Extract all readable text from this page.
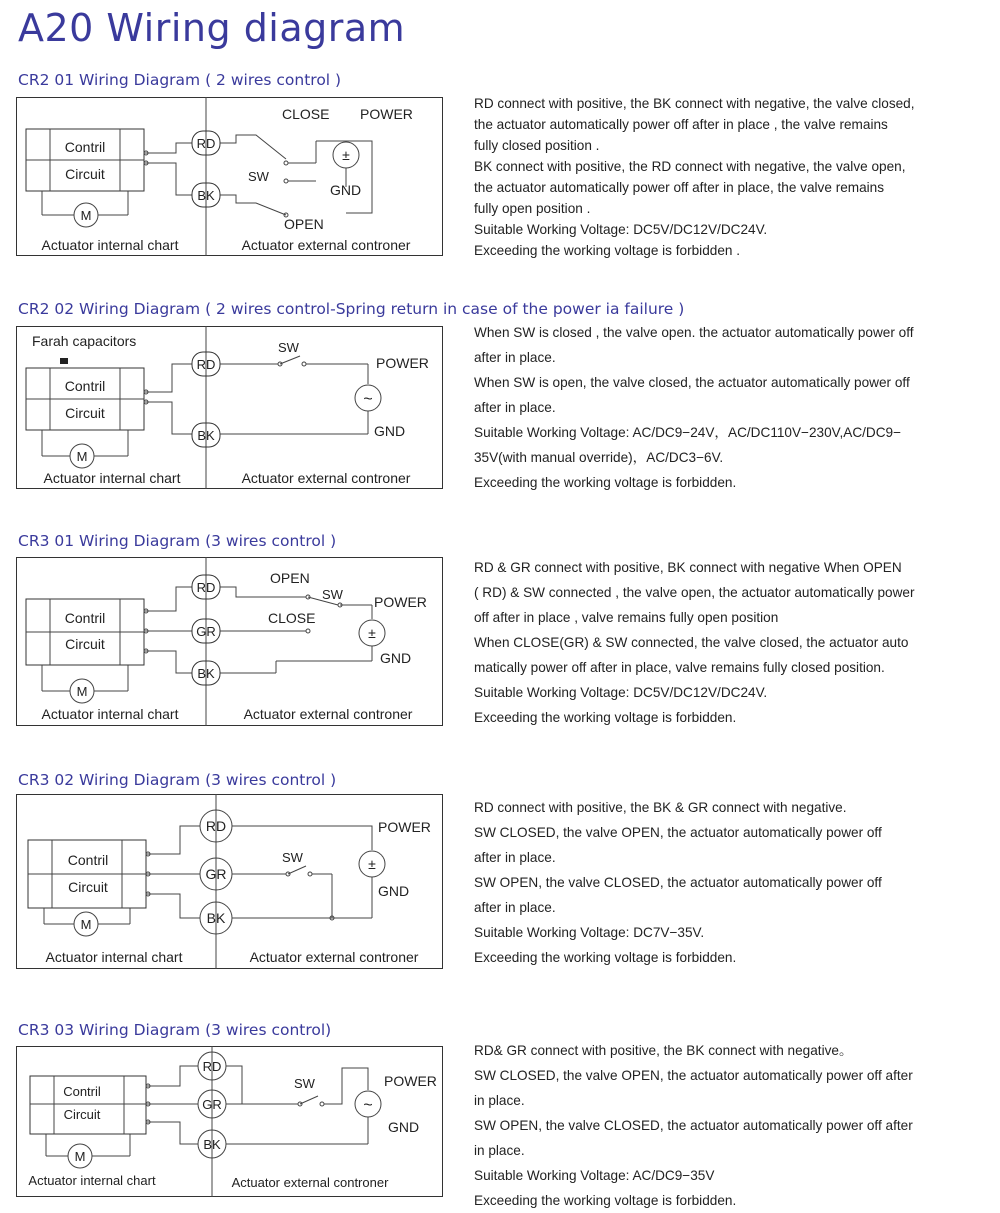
A20 Wiring diagram
CR2 01 Wiring Diagram ( 2 wires control )
Contril
Circuit
M
RD
BK
SW
CLOSE
OPEN
±
POWER
GND
Actuator internal chart	Actuator external controner
RD connect with positive, the BK connect with negative, the valve closed,
the actuator automatically power off after in place , the valve remains
fully closed position .
BK connect with positive, the RD connect with negative, the valve open,
the actuator automatically power off after in place, the valve remains
fully open position .
Suitable Working Voltage: DC5V/DC12V/DC24V.
Exceeding the working voltage is forbidden .
CR2 02 Wiring Diagram ( 2 wires control-Spring return in case of the power ia failure )
Farah capacitors
Contril
Circuit
M
RD
BK
SW
~
POWER
GND
Actuator internal chart	Actuator external controner
When SW is closed , the valve open. the actuator automatically power off
after in place.
When SW is open, the valve closed, the actuator automatically power off
after in place.
Suitable Working Voltage: AC/DC9−24V，AC/DC110V−230V,AC/DC9−
35V(with manual override)，AC/DC3−6V.
Exceeding the working voltage is forbidden.
CR3 01 Wiring Diagram (3 wires control )
Contril
Circuit
M
RD
GR
BK
SW
OPEN
CLOSE
±
POWER
GND
Actuator internal chart	Actuator external controner
RD & GR connect with positive, BK connect with negative When OPEN
( RD) & SW connected , the valve open, the actuator automatically power
off after in place , valve remains fully open position
When CLOSE(GR) & SW connected, the valve closed, the actuator auto
matically power off after in place, valve remains fully closed position.
Suitable Working Voltage: DC5V/DC12V/DC24V.
Exceeding the working voltage is forbidden.
CR3 02 Wiring Diagram (3 wires control )
Contril
Circuit
M
RD
GR
BK
SW	±
POWER
GND
Actuator internal chart	Actuator external controner
RD connect with positive, the BK & GR connect with negative.
SW CLOSED, the valve OPEN, the actuator automatically power off
after in place.
SW OPEN, the valve CLOSED, the actuator automatically power off
after in place.
Suitable Working Voltage: DC7V−35V.
Exceeding the working voltage is forbidden.
CR3 03 Wiring Diagram (3 wires control)
Contril
Circuit
M
RD
GR
BK
SW
~
POWER
GND
Actuator internal chart	Actuator external controner
RD& GR connect with positive, the BK connect with negative。
SW CLOSED, the valve OPEN, the actuator automatically power off after
in place.
SW OPEN, the valve CLOSED, the actuator automatically power off after
in place.
Suitable Working Voltage: AC/DC9−35V
Exceeding the working voltage is forbidden.
